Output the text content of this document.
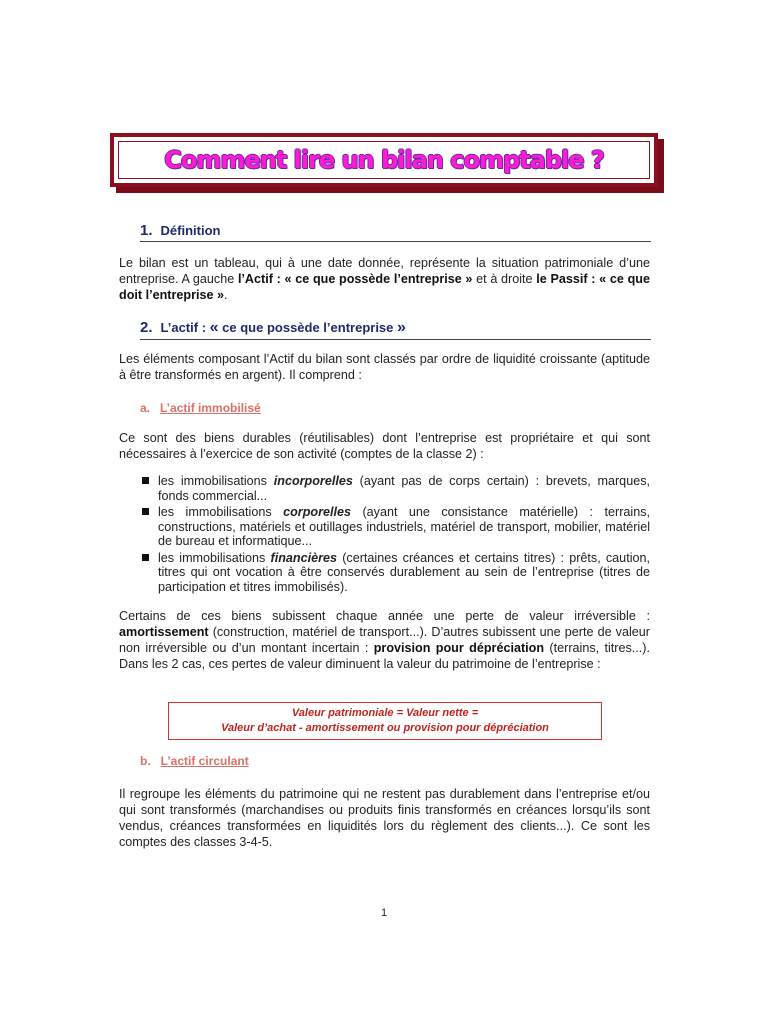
Comment lire un bilan comptable ?
1. Définition
Le bilan est un tableau, qui à une date donnée, représente la situation patrimoniale d’une entreprise. A gauche l’Actif : « ce que possède l’entreprise » et à droite le Passif : « ce que doit l’entreprise ».
2. L’actif : « ce que possède l’entreprise »
Les éléments composant l’Actif du bilan sont classés par ordre de liquidité croissante (aptitude à être transformés en argent). Il comprend :
a. L’actif immobilisé
Ce sont des biens durables (réutilisables) dont l’entreprise est propriétaire et qui sont nécessaires à l’exercice de son activité (comptes de la classe 2) :
les immobilisations incorporelles (ayant pas de corps certain) : brevets, marques, fonds commercial...
les immobilisations corporelles (ayant une consistance matérielle) : terrains, constructions, matériels et outillages industriels, matériel de transport, mobilier, matériel de bureau et informatique...
les immobilisations financières (certaines créances et certains titres) : prêts, caution, titres qui ont vocation à être conservés durablement au sein de l’entreprise (titres de participation et titres immobilisés).
Certains de ces biens subissent chaque année une perte de valeur irréversible : amortissement (construction, matériel de transport...). D’autres subissent une perte de valeur non irréversible ou d’un montant incertain : provision pour dépréciation (terrains, titres...). Dans les 2 cas, ces pertes de valeur diminuent la valeur du patrimoine de l’entreprise :
Valeur patrimoniale = Valeur nette =
Valeur d’achat - amortissement ou provision pour dépréciation
b. L’actif circulant
Il regroupe les éléments du patrimoine qui ne restent pas durablement dans l’entreprise et/ou qui sont transformés (marchandises ou produits finis transformés en créances lorsqu’ils sont vendus, créances transformées en liquidités lors du règlement des clients...). Ce sont les comptes des classes 3-4-5.
1
